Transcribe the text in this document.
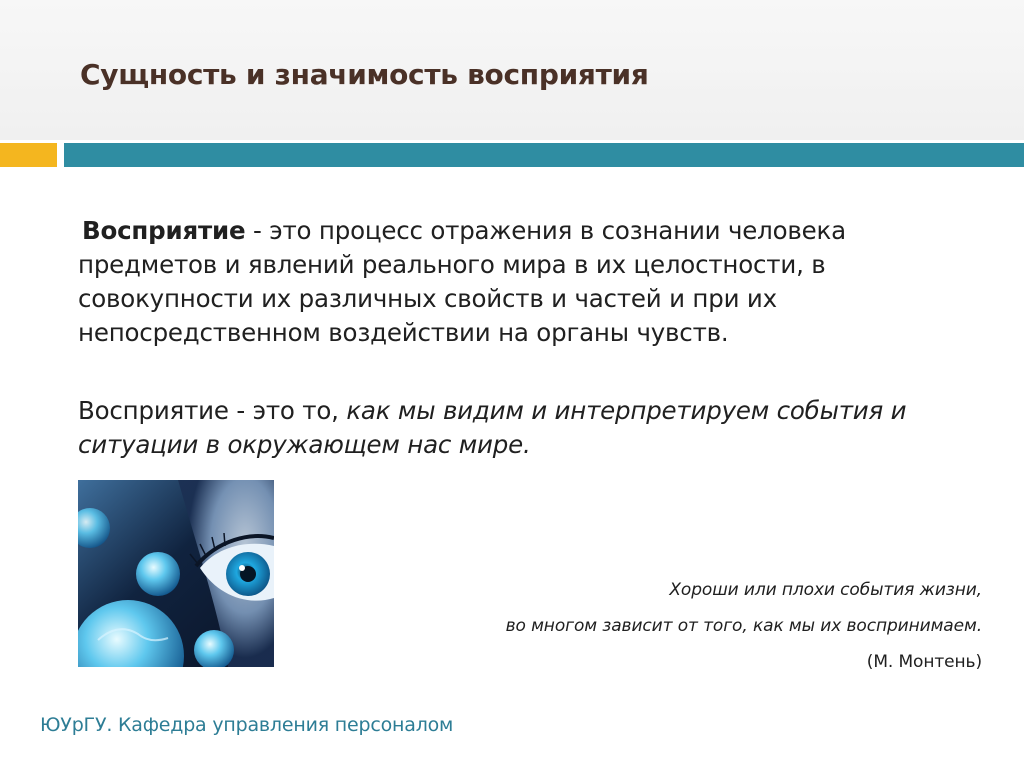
Сущность и значимость восприятия
Восприятие - это процесс отражения в сознании человека предметов и явлений реального мира в их целостности, в совокупности их различных свойств и частей и при их непосредственном воздействии на органы чувств.
Восприятие - это то, как мы видим и интерпретируем события и ситуации в окружающем нас мире.
Хороши или плохи события жизни,
во многом зависит от того, как мы их воспринимаем.
(М. Монтень)
ЮУрГУ. Кафедра управления персоналом
